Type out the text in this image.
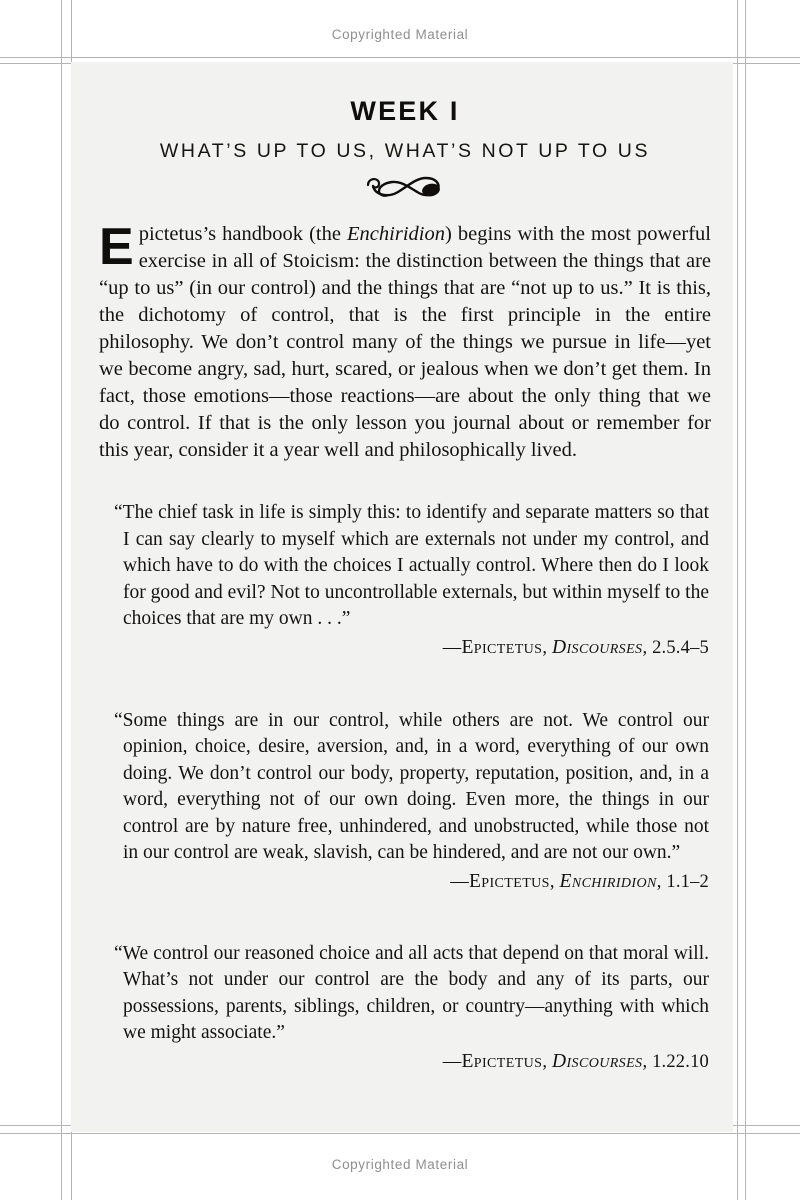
Copyrighted Material
WEEK I
WHAT’S UP TO US, WHAT’S NOT UP TO US

Epictetus’s handbook (the Enchiridion) begins with the most powerful exercise in all of Stoicism: the distinction between the things that are “up to us” (in our control) and the things that are “not up to us.” It is this, the dichotomy of control, that is the first principle in the entire philosophy. We don’t control many of the things we pursue in life—yet we become angry, sad, hurt, scared, or jealous when we don’t get them. In fact, those emotions—those reactions—are about the only thing that we do control. If that is the only lesson you journal about or remember for this year, consider it a year well and philosophically lived.

“The chief task in life is simply this: to identify and separate matters so that I can say clearly to myself which are externals not under my control, and which have to do with the choices I actually control. Where then do I look for good and evil? Not to uncontrollable externals, but within myself to the choices that are my own . . .”

—Epictetus, Discourses, 2.5.4–5

“Some things are in our control, while others are not. We control our opinion, choice, desire, aversion, and, in a word, everything of our own doing. We don’t control our body, property, reputation, position, and, in a word, everything not of our own doing. Even more, the things in our control are by nature free, unhindered, and unobstructed, while those not in our control are weak, slavish, can be hindered, and are not our own.”

—Epictetus, Enchiridion, 1.1–2

“We control our reasoned choice and all acts that depend on that moral will. What’s not under our control are the body and any of its parts, our possessions, parents, siblings, children, or country—anything with which we might associate.”

—Epictetus, Discourses, 1.22.10

Copyrighted Material
